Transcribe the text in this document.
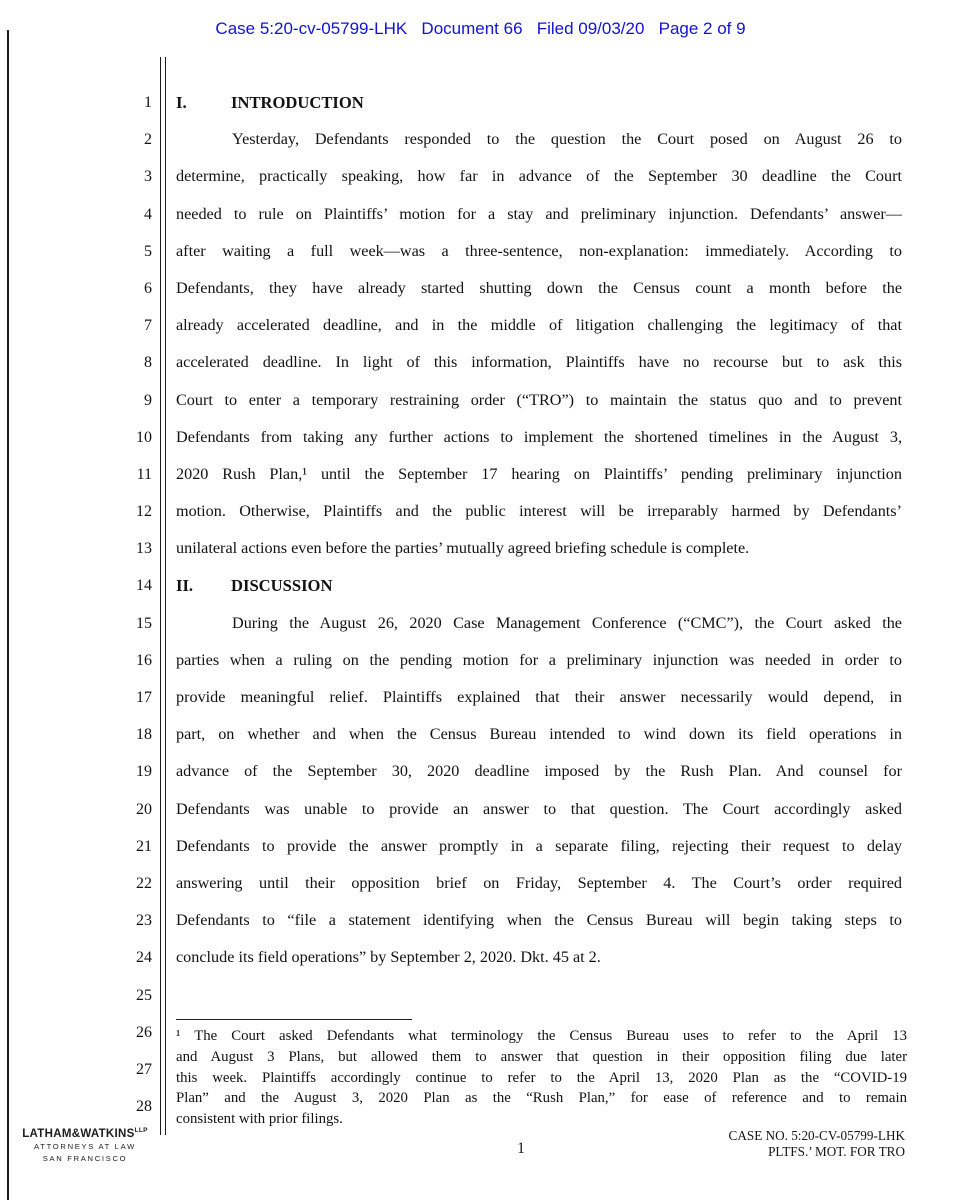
Case 5:20-cv-05799-LHK   Document 66   Filed 09/03/20   Page 2 of 9
1
2
3
4
5
6
7
8
9
10
11
12
13
14
15
16
17
18
19
20
21
22
23
24
25
26
27
28
I.	INTRODUCTION
Yesterday, Defendants responded to the question the Court posed on August 26 to
determine, practically speaking, how far in advance of the September 30 deadline the Court
needed to rule on Plaintiffs’ motion for a stay and preliminary injunction. Defendants’ answer—
after waiting a full week—was a three-sentence, non-explanation: immediately. According to
Defendants, they have already started shutting down the Census count a month before the
already accelerated deadline, and in the middle of litigation challenging the legitimacy of that
accelerated deadline. In light of this information, Plaintiffs have no recourse but to ask this
Court to enter a temporary restraining order (“TRO”) to maintain the status quo and to prevent
Defendants from taking any further actions to implement the shortened timelines in the August 3,
2020 Rush Plan,¹ until the September 17 hearing on Plaintiffs’ pending preliminary injunction
motion. Otherwise, Plaintiffs and the public interest will be irreparably harmed by Defendants’
unilateral actions even before the parties’ mutually agreed briefing schedule is complete.
II.	DISCUSSION
During the August 26, 2020 Case Management Conference (“CMC”), the Court asked the
parties when a ruling on the pending motion for a preliminary injunction was needed in order to
provide meaningful relief. Plaintiffs explained that their answer necessarily would depend, in
part, on whether and when the Census Bureau intended to wind down its field operations in
advance of the September 30, 2020 deadline imposed by the Rush Plan. And counsel for
Defendants was unable to provide an answer to that question. The Court accordingly asked
Defendants to provide the answer promptly in a separate filing, rejecting their request to delay
answering until their opposition brief on Friday, September 4. The Court’s order required
Defendants to “file a statement identifying when the Census Bureau will begin taking steps to
conclude its field operations” by September 2, 2020. Dkt. 45 at 2.
¹ The Court asked Defendants what terminology the Census Bureau uses to refer to the April 13
and August 3 Plans, but allowed them to answer that question in their opposition filing due later
this week. Plaintiffs accordingly continue to refer to the April 13, 2020 Plan as the “COVID-19
Plan” and the August 3, 2020 Plan as the “Rush Plan,” for ease of reference and to remain
consistent with prior filings.
$LATHAM\&WATKINS^{LLP}$
ATTORNEYS AT LAW
SAN FRANCISCO
1
CASE NO. 5:20-CV-05799-LHK
PLTFS.’ MOT. FOR TRO
